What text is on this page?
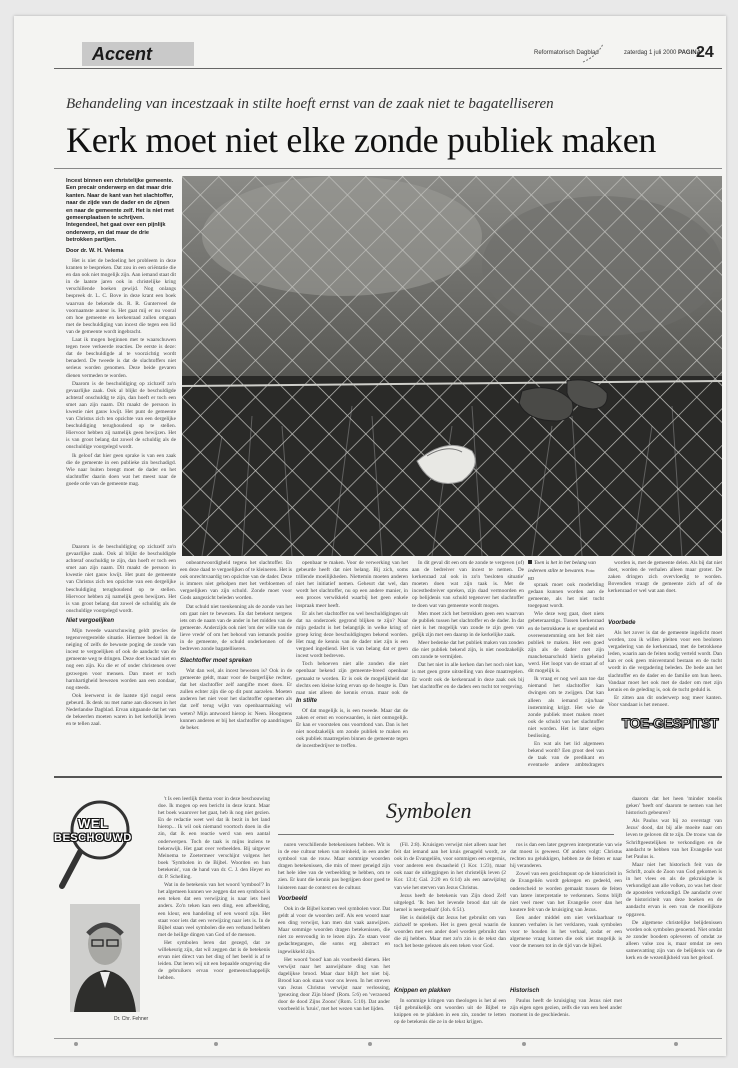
Accent	Reformatorisch Dagblad	zaterdag 1 juli 2000 PAGINA
24
Behandeling van incestzaak in stilte hoeft ernst van de zaak niet te bagatelliseren
Kerk moet niet elke zonde publiek maken
Incest binnen een christelijke gemeente. Een precair onderwerp en dat maar drie kanten. Naar de kant van het slachtoffer, naar de zijde van de dader en de zijnen en naar de gemeente zelf. Het is niet met gemeenplaatsen te schrijven. Integendeel, het gaat over een pijnlijk onderwerp, en dat maar de drie betrokken partijen.
Door dr. W. H. Velema

Het is niet de bedoeling het probleem in deze kranten te bespreken. Dat zou in een oriëntatie die en dan ook niet mogelijk zijn. Aan iemand staat dit in de laatste jaren ook in christelijke kring verschillende boeken gewijd. Nog onlangs bespreek dr. L. C. Bove in deze krant een boek waarvan de bekende ds. R. R. Gunterveel de voornaamste auteur is. Het gaat mij er nu vooral om hoe gemeente en kerkenraad zullen omgaan met de beschuldiging van incest die tegen een lid van de gemeente wordt ingebracht.

Laat ik mogen beginnen met te waarschuwen tegen twee verkeerde reacties. De eerste is deze: dat de beschuldigde al te voorzichtig wordt benaderd. De tweede is dat de slachtoffers niet serieus worden genomen. Deze beide gevaren dienen vermeden te worden.

Daarom is de beschuldiging op zichzelf zo'n gevaarlijke zaak. Ook al blijkt de beschuldigde achteraf onschuldig te zijn, dan hoeft er toch een smet aan zijn naam. Dit maakt de persoon in kwestie niet gauw kwijt. Het punt de gemeente van Christus zich ten opzichte van een dergelijke beschuldiging terughoudend op te stellen. Hiervoor hebben zij namelijk geen bewijzen. Het is van groot belang dat zowel de schuldig als de onschuldige voorgelegd wordt.

Ik geloof dat hier geen sprake is van een zaak die de gemeente in een publieke zin beschadigd. Wie naar buiten brengt moet de dader en het slachtoffer daarin doen wat het meest naar de goede orde van de gemeente mag.

Daarom is de beschuldiging op zichzelf zo'n gevaarlijke zaak. Ook al blijkt de beschuldigde achteraf onschuldig te zijn, dan hoeft er toch een smet aan zijn naam. Dit maakt de persoon in kwestie niet gauw kwijt. Het punt de gemeente van Christus zich ten opzichte van een dergelijke beschuldiging terughoudend op te stellen. Hiervoor hebben zij namelijk geen bewijzen. Het is van groot belang dat zowel de schuldig als de onschuldige voorgelegd wordt.

Niet vergoelijken

Mijn tweede waarschuwing geldt precies de tegenovergestelde situatie. Hiermee bedoel ik de neiging of zelfs de bewuste poging de zonde van incest te vergoelijken of ook de aandacht van de gemeente weg te dringen. Deze doet kwaad niet en nog een zijn. Ku die er of onder christenen over gezwegen voor mensen. Dan moet er toch harnhartigheid bewezen worden aan een zondaar, nog steeds.

Ook leerwerst is de laatste tijd nogal eens gebeurd. Ik denk nu met name aan diocesen in het Nederlandse Dagblad. Ervan uitgaande dat het van de bekeerlen moeten waren in het kerkelijk leven en te tellen zaal.

onbeantwoordigheid tegens het slachtoffer. En een deze daad te vergoelijken of te kleineren. Het is ook onrechtvaardig ten opzichte van de dader. Deze is immers niet geholpen met het verbloemen of vergoelijken van zijn schuld. Zonde moet voor Gods aangezicht beleden worden.

Dat schuld niet toenkenning als de zonde van het om gaat niet te bewezen. En dat betekent nergens iets om de naam van de ander in het midden van de gemeente. Anderzijds ook niet 'om der wille van de lieve vrede' of om het behoud van iemands positie in de gemeente, de schuld onderkennen of de bedreven zonde bagatelliseren.

Slachtoffer moet spreken

Wat dan wel, als incest bewezen is? Ook in de gemeente geldt, maar voor de burgerlijke rechter, dat het slachtoffer zelf aangifte moet doen. Er zullen echter zijn die op dit punt aarzelen. Moeten anderen het niet voor het slachtoffer opnemen als dat zelf terug wijkt van openbaarmaking wil weten? Mijn antwoord hierop is: Neen. Hoogstens kunnen anderen er bij het slachtoffer op aandringen de beker.

openbaar te maken. Voor de verwerking van het gebeurde heeft dat niet belang. Bij zich, soms trillende moeilijkheden. Niettemin moeten anderen niet het initiatief nemen. Geheurt dat wel, dan wordt het slachtoffer, nu op een andere manier, in een proces verwikkeld waarbij het geen enkele inspraak meer heeft.

Er als het slachtoffer nu wel beschuldigingen uit dat na onderzoek gegrond blijken te zijn? Naar mijn gedacht is het belangrijk in welke kring of groep kring deze beschuldigingen bekend worden. Het mag de kennis van de dader niet zijn is een vergoed ingediend. Het is van belang dat er geen incest wordt bedreven.

Toch behoeven niet alle zonden die niet openbaar bekend zijn gemeente-breed openbaar gemaakt te worden. Er is ook de mogelijkheid dat slechts een kleine kring ervan op de hoogte is. Dan mag niet alleen de kennis ervan, maar ook de

In stilte

Of dat mogelijk is, is een tweede. Maar dat de zaken er ernst en voorwaarden, is niet onmogelijk. Er kan er voorstelen ons voortdond van. Dan is het niet noodzakelijk om zonde publiek te maken en ook publiek maatregelen binnen de gemeente tegen de incestbedrijver te treffen.

In dit geval dit een om de zonde te vergeven (of) aan de bedreiver van incest te nemen. De kerkenraad zal ook in zo'n 'besloten situatie' moeten doen wat zijn taak is. Met de incestbedreiver spreken, zijn daad vermoorden en op belijdenis van schuld tegenover het slachtoffer te doen wat van gemeente wordt mogen.

Men moet zich het betrokken geen een waarvan de publiek tussen het slachtoffer en de dader. In dat niet is het mogelijk van zonde te zijn geen van gelijk zijn met een daarop in de kerkelijke zaak.

Meer bedenke dat het publiek maken van zonden die niet publiek bekend zijn, is niet noodzakelijk om zonde te vermijden.

Dat het niet in alle kerken dan het noch niet kan, is met geen grote uitstelling van deze maatregelen. Er wordt ook de kerkenraad in deze zaak ook bij het slachtoffer en de daders een tucht tot vergeving.

Toen is het in het belang van iedereen stilte te bewaren. Foto: RD

spraak moet ook moderlding gedaan kunnen worden aan de gemeente, als het niet tucht toegepast wordt.

Wie deze weg gaat, doet niets gebeteraarstigs. Tussen kerkenraad en de betrokkene is er openheid en overeenstemming om het feit niet publiek te maken. Het een goed zijn als de dader met zijn manchetaarschuld hierin geheind werd. Het loopt van de straat af of dit mogelijk is.

Ik vraag er nog wel aan toe dat niemand het slachtoffer kan dwingen om te zwijgen. Dat kan alleen als iemand zijn/haar instemming krijgt. Het wie de zonde publiek moet maken moet ook de schuld van het slachtoffer niet worden. Het is later eigen beslissing.

En wat als het lid algemeen bekend wordt? Een groot deel van de taak van de predikant en eventuele andere ambtsdragers

worden is, met de gemeente delen. Als bij dat niet doet, worden de verhalen alleen maar groter. De zaken dringen zich overvloedig te worden. Bovendien vraagt de gemeente zich af of de kerkenraad er wel wat aan doet.

Voorbede

Als het zover is dat de gemeente ingelicht moet worden, zou ik willen pleiten voor een beoloten vergadering van de kerkenraad, met de betrokkene leden, waarin aan de feiten nodig verteld wordt. Dan kan er ook geen misverstand bestaan en de tucht wordt in die vergadering beleden. De bede aan het slachtoffer en de dader en de familie om hun heen. Vandaar moet het ook met de dader om met zijn kennis en de geleding is, ook de tucht geduld is.

Er zitten aan dit onderwerp nog meer kanten. Voor vandaag is het genoeg.

TOE-GESPITST
WEL
BESCHOUWD
Dr. Chr. Fehner

't Is een leerlijk thema voor in deze beschouwing doe. Ik mogen op een bericht in deze krant. Maar het boek waarover het gaat, heb ik nog niet gezien. En de redactie weet wel dat ik bezit in het land hierop... Ik wil ook niemand voortoch doen in die zin, dat ik een reactie werd van een aantal onderwerpen. Toch de taak is mijns inziens te bekenwijk. Het gaat over verbeelden. Bij uitgever Meinema te Zoetermeer verschijnt volgens het boek 'Symbolen in de Bijbel. Woorden en hun betekenis', van de hand van dr. C. J. den Heyer en dr. P. Schelling.

Wat in de betekenis van het woord 'symbool'? In het algemeen kunnen we zeggen dat een symbool is een teken dat een verwijzing is naar iets heel anders. Zo'n teken kan een ding, een afbeelding, een kleur, een handeling of een woord zijn. Het staat voor iets dat een verwijzing naar iets is. In de Bijbel staan veel symbolen die een verband hebben met de heilige dingen van God of de mensen.

Het symbolen leren dat gezegd, dat ze willekeurig zijn, dat wil zeggen dat is de betekenis ervan niet direct van het ding of het beeld is af te leiden. Dat leren wij uit een bepaalde omgeving die de gebruikers ervan voor gemeenschappelijk hebben.

Symbolen

nuren verschillende betekenissen hebben. Wit is in de ene cultuur teken van reinheid, in een ander symbool van de rouw. Maar sommige woorden dragen betekenissen, die min of meer geneigd zijn het hele idee van de verbeelding te hebben, om te zien. Er kunt die kennis pas begrijpen door goed te luisteren naar de context en de cultuur.

Voorbeeld

Ook in de Bijbel komen veel symbolen voor. Dat geldt al voor de woorden zelf. Als een woord naar een ding verwijst, kan men dat vaak aanwijzen. Maar sommige woorden dragen betekenissen, die niet zo eenvoudig in te lezen zijn. Zo staan voor gedachtegangen, die soms erg abstract en ingewikkeld zijn.

Het woord 'bood' kan als voorbeeld dienen. Het verwijst naar het aanwijsbare ding van het dagelijkse brood. Maar daar blijft het niet bij. Brood kan ook staan voor ons leven. In het streven van Jezus Christus verwijst naar verlossing, 'genezing door Zijn bloed' (Rom. 5:6) en 'verzoend door de dood Zijns Zoons' (Rom. 5:10). Dat ander voorbeeld is 'kruis', met het wezen van het lijden.

(Fil. 2:8). Kruisigen verwijst niet alleen naar het feit dat iemand aan het kruis genageld wordt, ze ook in de Evangeliën, voor sommigen een ergernis, voor anderen een dwaasheid (1 Kor. 1:23), maar ook naar de uitleggingen in het christelijk leven (2 Kor. 13:4; Gal. 2:20 en 6:14) als een aanwijzing van wie het sterven van Jezus Christus.

Jezus heeft de betekenis van Zijn dood Zelf uitgelegd. 'Ik ben het levende brood dat uit de hemel is neergedaalt' (Joh. 6:51).

Het is duidelijk dat Jezus het gebruikt om van zichzelf te spreken. Het is geen geval waarin de woorden met een ander doel worden gebruikt dan die zij hebben. Maar met zo'n zin is de tekst dan toch het beste gelezen als een teken voor God.

Knippen en plakken

In sommige kringen van theologen is het al een tijd gebruikelijk om woorden uit de Bijbel te knippen en te plakken in een zin, zonder te letten op de betekenis die ze in de tekst krijgen.

ros is dan een later gegeven interpretatie van wie dat moest is geweest. Of anders volgt: Christus rechten nu gelukkigen, hebben ze de feiten er naar hij veranderen.

Zowel van een gezichtspunt op de historiciteit in de Evangeliën wordt gekregen en gedeeld, een onderscheid te worden gemaakt tussen de feiten van latere interpretatie te verkennen. Soms blijft niet veel meer van het Evangelie over dan het koutere feit van de kruisiging van Jezus.

Een ander middel om niet verklaarbaar te kunnen verhalen is het verklaren, vaak symbolen voor te houden in het verhaal, zodat er een algemene vraag komen die ook niet mogelijk is voor de mensen tot in de tijd van de bijbel.

Historisch

Paulus heeft de kruisiging van Jezus niet met zijn eigen ogen gezien, zelfs die van een heel ander moment in de geschiedenis.

daarom dat het heen 'minder tonelis geken' 'heeft om' daarom te nemen van het historisch gebeuren?

Als Paulus wat bij zo overstagt van Jezus' dood, dat bij alle moeite naar om leven te geloven dit te zijn. De trouw van de Schriftgeestelijken te verkondigen en de aandacht te hebben van het Evangelie wat het Paulus is.

Maar niet het historisch feit van de Schrift, zoals de Zoon van God gekomen is in het vlees en als de gekruisigde is verkondigd aan alle volken, zo was het door de apostelen verkondigd. De aandacht over de historiciteit van deze boeken en de aandacht ervan is een van de moeilijkste opgaven.

De algemene christelijke belijdenissen worden ook symbolen genoemd. Niet omdat ze zonder boodem opleveren of omdat ze alleen valse zou is, maar omdat ze een samenvatting zijn van de belijdenis van de kerk en de wezenlijkheid van het geloof.
